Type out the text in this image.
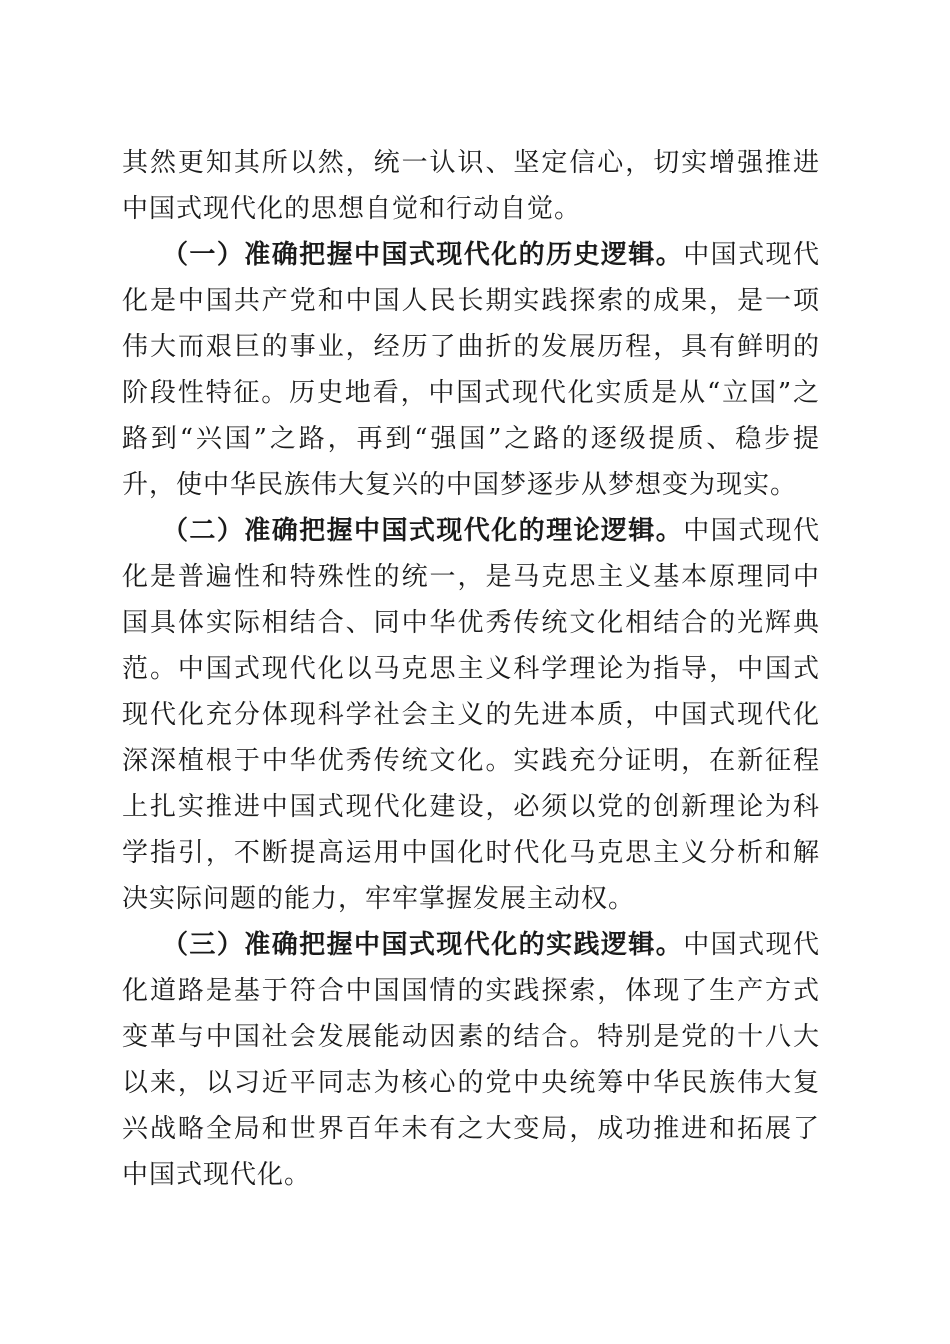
其然更知其所以然，统一认识、坚定信心，切实增强推进中国式现代化的思想自觉和行动自觉。

（一）准确把握中国式现代化的历史逻辑。中国式现代化是中国共产党和中国人民长期实践探索的成果，是一项伟大而艰巨的事业，经历了曲折的发展历程，具有鲜明的阶段性特征。历史地看，中国式现代化实质是从“立国”之路到“兴国”之路，再到“强国”之路的逐级提质、稳步提升，使中华民族伟大复兴的中国梦逐步从梦想变为现实。

（二）准确把握中国式现代化的理论逻辑。中国式现代化是普遍性和特殊性的统一，是马克思主义基本原理同中国具体实际相结合、同中华优秀传统文化相结合的光辉典范。中国式现代化以马克思主义科学理论为指导，中国式现代化充分体现科学社会主义的先进本质，中国式现代化深深植根于中华优秀传统文化。实践充分证明，在新征程上扎实推进中国式现代化建设，必须以党的创新理论为科学指引，不断提高运用中国化时代化马克思主义分析和解决实际问题的能力，牢牢掌握发展主动权。

（三）准确把握中国式现代化的实践逻辑。中国式现代化道路是基于符合中国国情的实践探索，体现了生产方式变革与中国社会发展能动因素的结合。特别是党的十八大以来，以习近平同志为核心的党中央统筹中华民族伟大复兴战略全局和世界百年未有之大变局，成功推进和拓展了中国式现代化。
